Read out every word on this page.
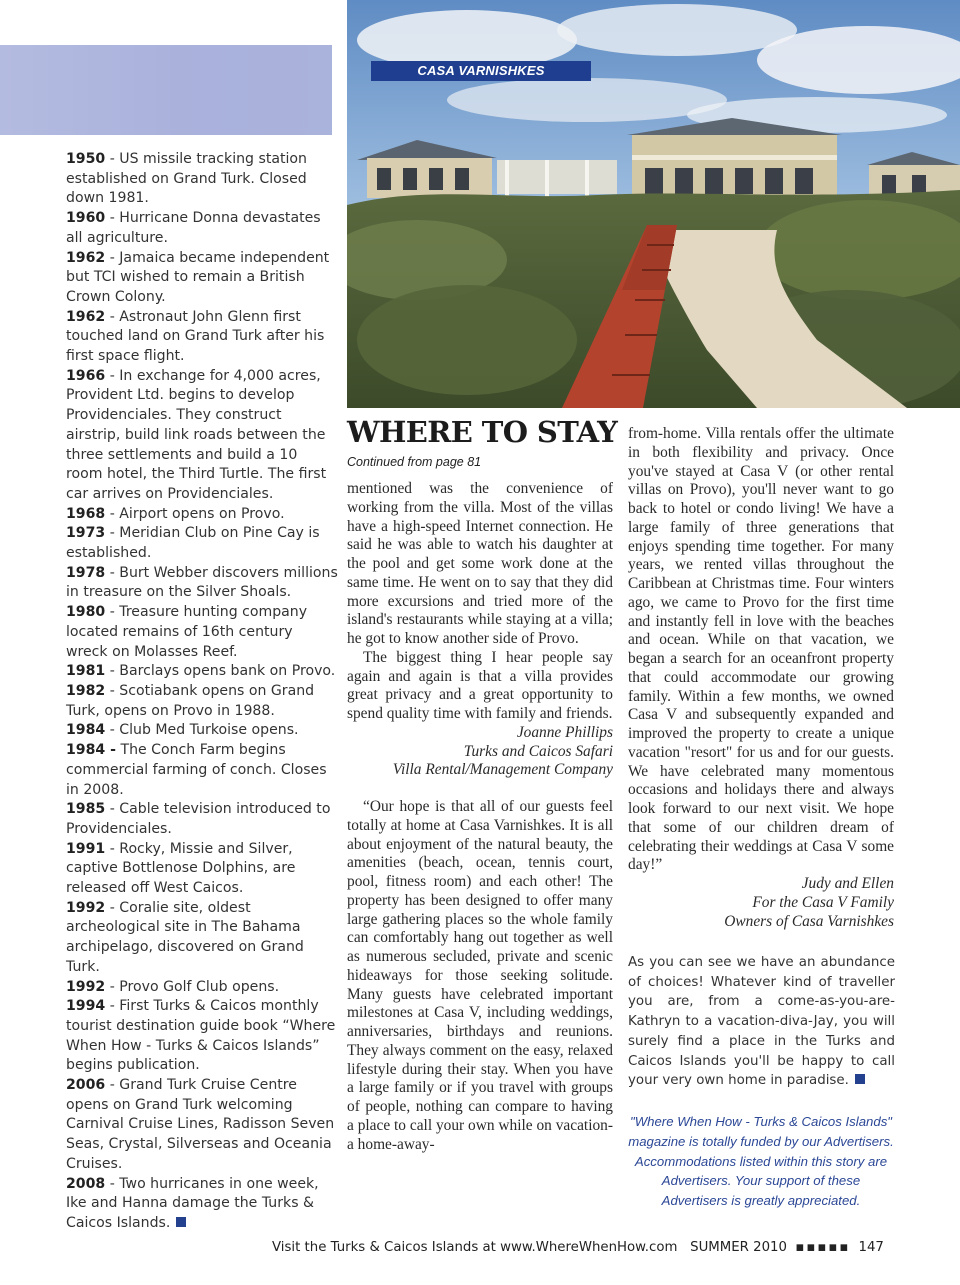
CASA VARNISHKES

1950 - US missile tracking station established on Grand Turk. Closed down 1981.

1960 - Hurricane Donna devastates all agriculture.

1962 - Jamaica became independent but TCI wished to remain a British Crown Colony.

1962 - Astronaut John Glenn first touched land on Grand Turk after his first space flight.

1966 - In exchange for 4,000 acres, Provident Ltd. begins to develop Providenciales. They construct airstrip, build link roads between the three settlements and build a 10 room hotel, the Third Turtle. The first car arrives on Providenciales.

1968 - Airport opens on Provo.

1973 - Meridian Club on Pine Cay is established.

1978 - Burt Webber discovers millions in treasure on the Silver Shoals.

1980 - Treasure hunting company located remains of 16th century wreck on Molasses Reef.

1981 - Barclays opens bank on Provo.

1982 - Scotiabank opens on Grand Turk, opens on Provo in 1988.

1984 - Club Med Turkoise opens.

1984 - The Conch Farm begins commercial farming of conch. Closes in 2008.

1985 - Cable television introduced to Providenciales.

1991 - Rocky, Missie and Silver, captive Bottlenose Dolphins, are released off West Caicos.

1992 - Coralie site, oldest archeological site in The Bahama archipelago, discovered on Grand Turk.

1992 - Provo Golf Club opens.

1994 - First Turks & Caicos monthly tourist destination guide book “Where When How - Turks & Caicos Islands” begins publication.

2006 - Grand Turk Cruise Centre opens on Grand Turk welcoming Carnival Cruise Lines, Radisson Seven Seas, Crystal, Silverseas and Oceania Cruises.

2008 - Two hurricanes in one week, Ike and Hanna damage the Turks & Caicos Islands.

WHERE TO STAY
Continued from page 81

mentioned was the convenience of working from the villa. Most of the villas have a high-speed Internet connection. He said he was able to watch his daughter at the pool and get some work done at the same time. He went on to say that they did more excursions and tried more of the island's restaurants while staying at a villa; he got to know another side of Provo.

The biggest thing I hear people say again and again is that a villa provides great privacy and a great opportunity to spend quality time with family and friends.

Joanne Phillips

Turks and Caicos Safari

Villa Rental/Management Company

“Our hope is that all of our guests feel totally at home at Casa Varnishkes. It is all about enjoyment of the natural beauty, the amenities (beach, ocean, tennis court, pool, fitness room) and each other! The property has been designed to offer many large gathering places so the whole family can comfortably hang out together as well as numerous secluded, private and scenic hideaways for those seeking solitude. Many guests have celebrated important milestones at Casa V, including weddings, anniversaries, birthdays and reunions. They always comment on the easy, relaxed lifestyle during their stay. When you have a large family or if you travel with groups of people, nothing can compare to having a place to call your own while on vacation- a home-away-

from-home. Villa rentals offer the ultimate in both flexibility and privacy. Once you've stayed at Casa V (or other rental villas on Provo), you'll never want to go back to hotel or condo living! We have a large family of three generations that enjoys spending time together. For many years, we rented villas throughout the Caribbean at Christmas time. Four winters ago, we came to Provo for the first time and instantly fell in love with the beaches and ocean. While on that vacation, we began a search for an oceanfront property that could accommodate our growing family. Within a few months, we owned Casa V and subsequently expanded and improved the property to create a unique vacation "resort" for us and for our guests. We have celebrated many momentous occasions and holidays there and always look forward to our next visit. We hope that some of our children dream of celebrating their weddings at Casa V some day!”

Judy and Ellen

For the Casa V Family

Owners of Casa Varnishkes

As you can see we have an abundance of choices! Whatever kind of traveller you are, from a come-as-you-are-Kathryn to a vacation-diva-Jay, you will surely find a place in the Turks and Caicos Islands you'll be happy to call your very own home in paradise.
"Where When How - Turks & Caicos Islands" magazine is totally funded by our Advertisers. Accommodations listed within this story are Advertisers. Your support of these Advertisers is greatly appreciated.
Visit the Turks & Caicos Islands at www.WhereWhenHow.com SUMMER 2010 ▪▪▪▪▪ 147
